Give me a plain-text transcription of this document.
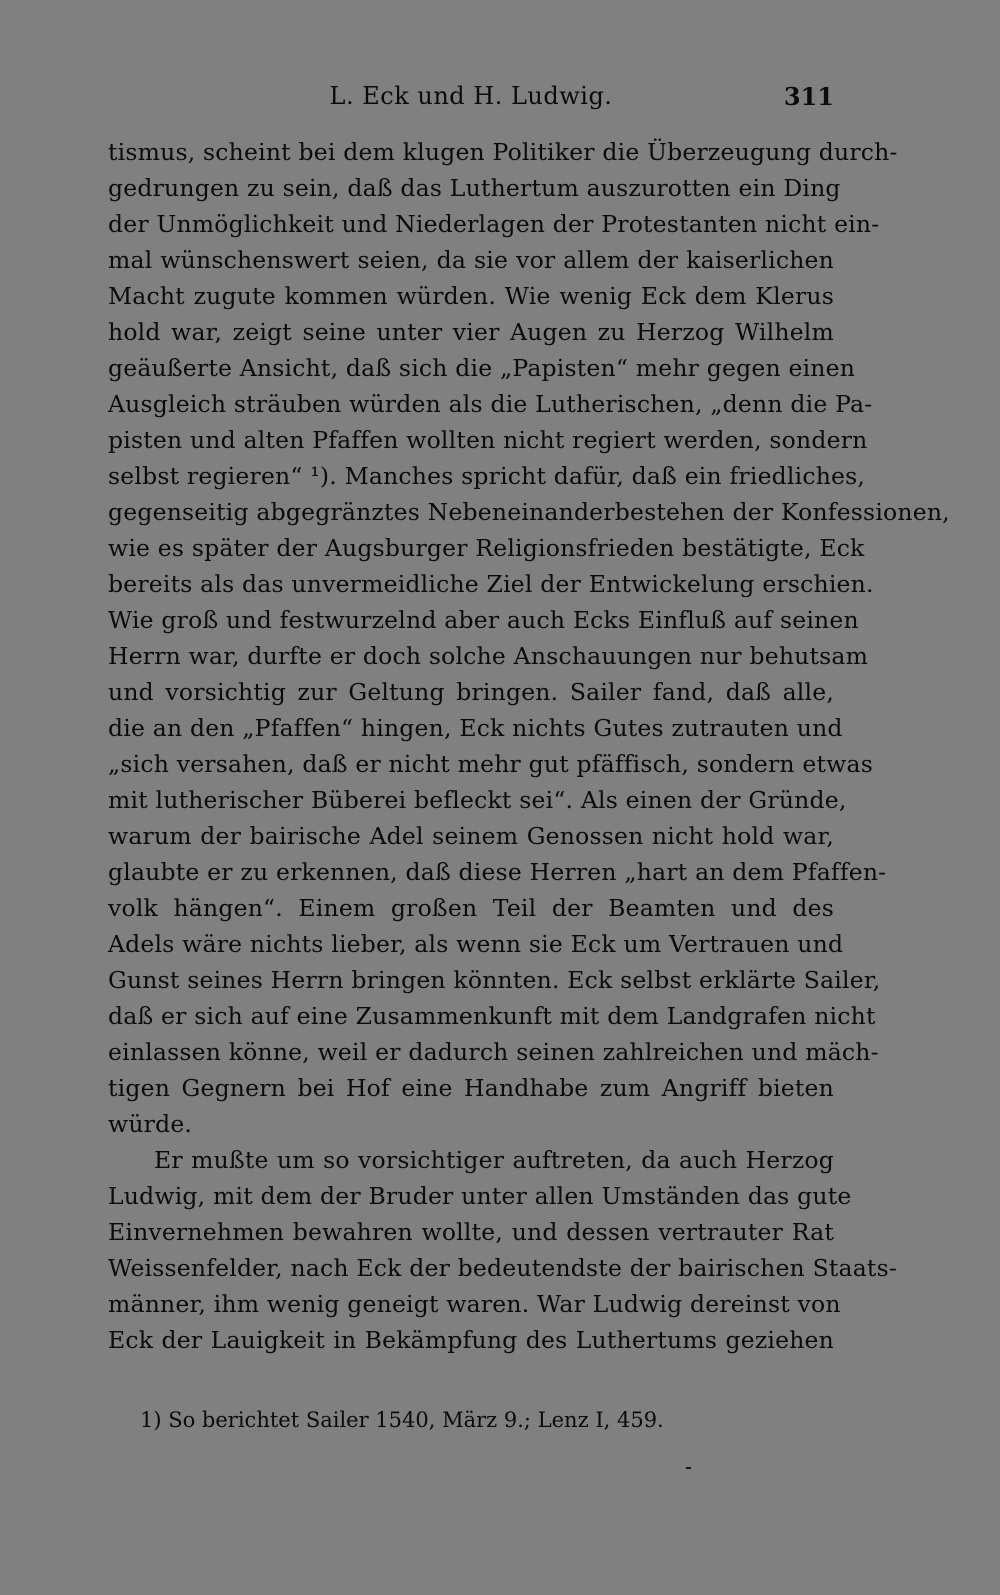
L. Eck und H. Ludwig.	311
tismus, scheint bei dem klugen Politiker die Überzeugung durch-
gedrungen zu sein, daß das Luthertum auszurotten ein Ding
der Unmöglichkeit und Niederlagen der Protestanten nicht ein-
mal wünschenswert seien, da sie vor allem der kaiserlichen
Macht zugute kommen würden. Wie wenig Eck dem Klerus
hold war, zeigt seine unter vier Augen zu Herzog Wilhelm
geäußerte Ansicht, daß sich die „Papisten“ mehr gegen einen
Ausgleich sträuben würden als die Lutherischen, „denn die Pa-
pisten und alten Pfaffen wollten nicht regiert werden, sondern
selbst regieren“ ¹). Manches spricht dafür, daß ein friedliches,
gegenseitig abgegränztes Nebeneinanderbestehen der Konfessionen,
wie es später der Augsburger Religionsfrieden bestätigte, Eck
bereits als das unvermeidliche Ziel der Entwickelung erschien.
Wie groß und festwurzelnd aber auch Ecks Einfluß auf seinen
Herrn war, durfte er doch solche Anschauungen nur behutsam
und vorsichtig zur Geltung bringen. Sailer fand, daß alle,
die an den „Pfaffen“ hingen, Eck nichts Gutes zutrauten und
„sich versahen, daß er nicht mehr gut pfäffisch, sondern etwas
mit lutherischer Büberei befleckt sei“. Als einen der Gründe,
warum der bairische Adel seinem Genossen nicht hold war,
glaubte er zu erkennen, daß diese Herren „hart an dem Pfaffen-
volk hängen“. Einem großen Teil der Beamten und des
Adels wäre nichts lieber, als wenn sie Eck um Vertrauen und
Gunst seines Herrn bringen könnten. Eck selbst erklärte Sailer,
daß er sich auf eine Zusammenkunft mit dem Landgrafen nicht
einlassen könne, weil er dadurch seinen zahlreichen und mäch-
tigen Gegnern bei Hof eine Handhabe zum Angriff bieten
würde.
Er mußte um so vorsichtiger auftreten, da auch Herzog
Ludwig, mit dem der Bruder unter allen Umständen das gute
Einvernehmen bewahren wollte, und dessen vertrauter Rat
Weissenfelder, nach Eck der bedeutendste der bairischen Staats-
männer, ihm wenig geneigt waren. War Ludwig dereinst von
Eck der Lauigkeit in Bekämpfung des Luthertums geziehen
1) So berichtet Sailer 1540, März 9.; Lenz I, 459.
